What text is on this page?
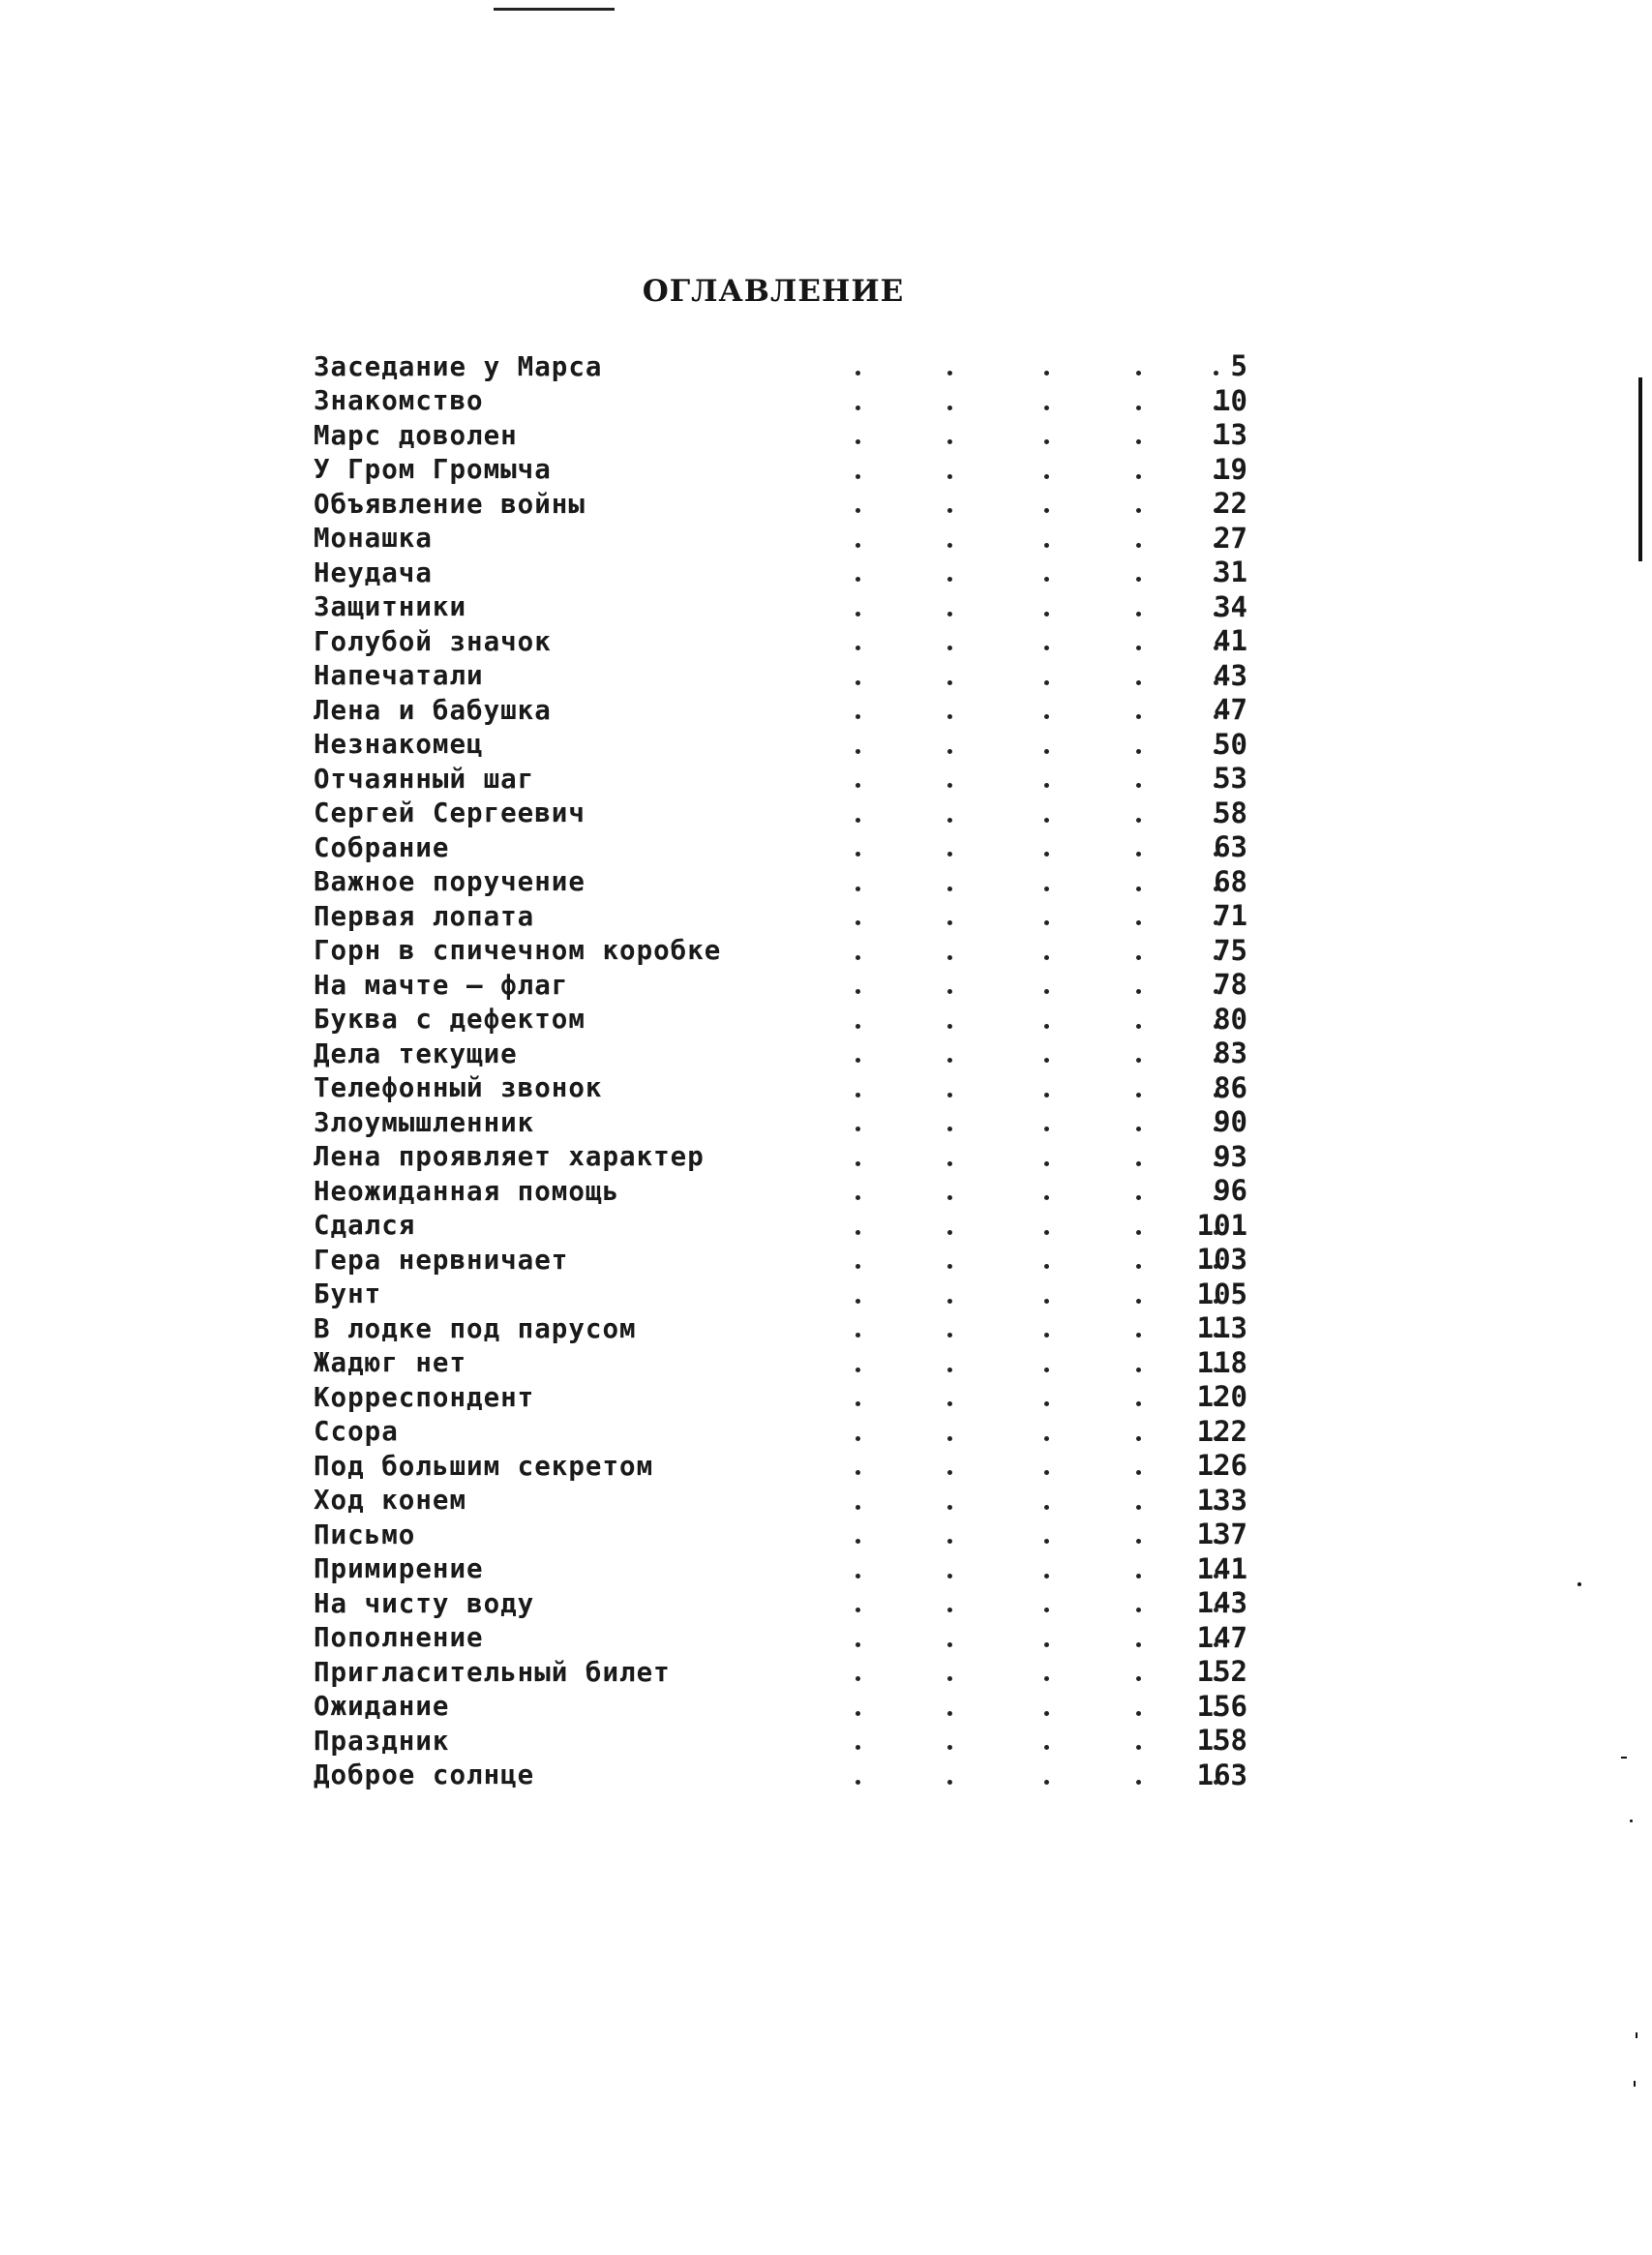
ОГЛАВЛЕНИЕ
Заседание у Марса	5
Знакомство	10
Марс доволен	13
У Гром Громыча	19
Объявление войны	22
Монашка	27
Неудача	31
Защитники	34
Голубой значок	41
Напечатали	43
Лена и бабушка	47
Незнакомец	50
Отчаянный шаг	53
Сергей Сергеевич	58
Собрание	63
Важное поручение	68
Первая лопата	71
Горн в спичечном коробке	75
На мачте — флаг	78
Буква с дефектом	80
Дела текущие	83
Телефонный звонок	86
Злоумышленник	90
Лена проявляет характер	93
Неожиданная помощь	96
Сдался	101
Гера нервничает	103
Бунт	105
В лодке под парусом	113
Жадюг нет	118
Корреспондент	120
Ссора	122
Под большим секретом	126
Ход конем	133
Письмо	137
Примирение	141
На чисту воду	143
Пополнение	147
Пригласительный билет	152
Ожидание	156
Праздник	158
Доброе солнце	163
